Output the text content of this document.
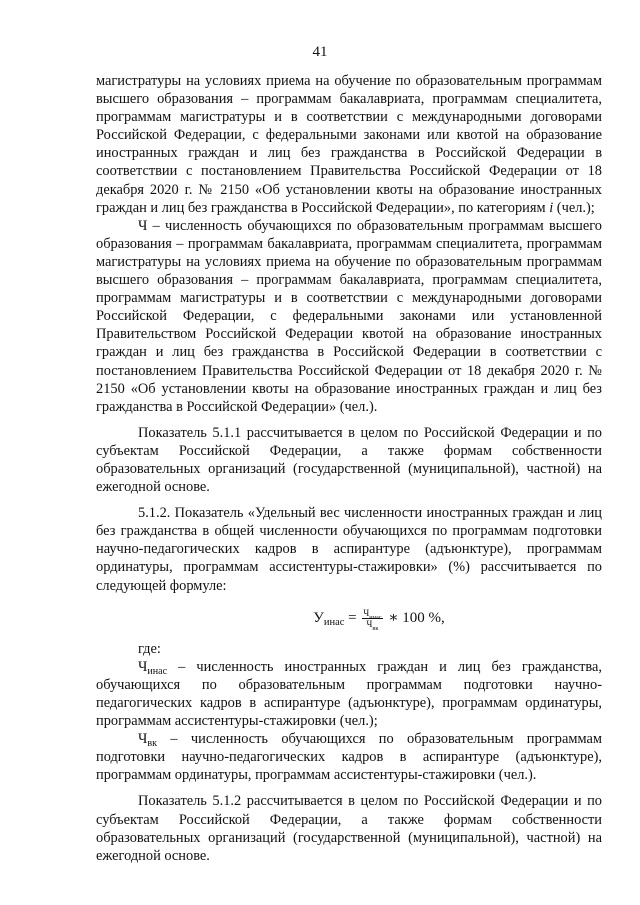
41

магистратуры на условиях приема на обучение по образовательным программам высшего образования – программам бакалавриата, программам специалитета, программам магистратуры и в соответствии с международными договорами Российской Федерации, с федеральными законами или квотой на образование иностранных граждан и лиц без гражданства в Российской Федерации в соответствии с постановлением Правительства Российской Федерации от 18 декабря 2020 г. № 2150 «Об установлении квоты на образование иностранных граждан и лиц без гражданства в Российской Федерации», по категориям i (чел.);

Ч – численность обучающихся по образовательным программам высшего образования – программам бакалавриата, программам специалитета, программам магистратуры на условиях приема на обучение по образовательным программам высшего образования – программам бакалавриата, программам специалитета, программам магистратуры и в соответствии с международными договорами Российской Федерации, с федеральными законами или установленной Правительством Российской Федерации квотой на образование иностранных граждан и лиц без гражданства в Российской Федерации в соответствии с постановлением Правительства Российской Федерации от 18 декабря 2020 г. № 2150 «Об установлении квоты на образование иностранных граждан и лиц без гражданства в Российской Федерации» (чел.).

Показатель 5.1.1 рассчитывается в целом по Российской Федерации и по субъектам Российской Федерации, а также формам собственности образовательных организаций (государственной (муниципальной), частной) на ежегодной основе.

5.1.2. Показатель «Удельный вес численности иностранных граждан и лиц без гражданства в общей численности обучающихся по программам подготовки научно-педагогических кадров в аспирантуре (адъюнктуре), программам ординатуры, программам ассистентуры-стажировки» (%) рассчитывается по следующей формуле:

$У_{инас} = \frac{Ч_{инас}}{Ч_{вк}}$ ∗ 100 %,

где:

$Ч_{инас}$ – численность иностранных граждан и лиц без гражданства, обучающихся по образовательным программам подготовки научно-педагогических кадров в аспирантуре (адъюнктуре), программам ординатуры, программам ассистентуры-стажировки (чел.);

$Ч_{вк}$ – численность обучающихся по образовательным программам подготовки научно-педагогических кадров в аспирантуре (адъюнктуре), программам ординатуры, программам ассистентуры-стажировки (чел.).

Показатель 5.1.2 рассчитывается в целом по Российской Федерации и по субъектам Российской Федерации, а также формам собственности образовательных организаций (государственной (муниципальной), частной) на ежегодной основе.
